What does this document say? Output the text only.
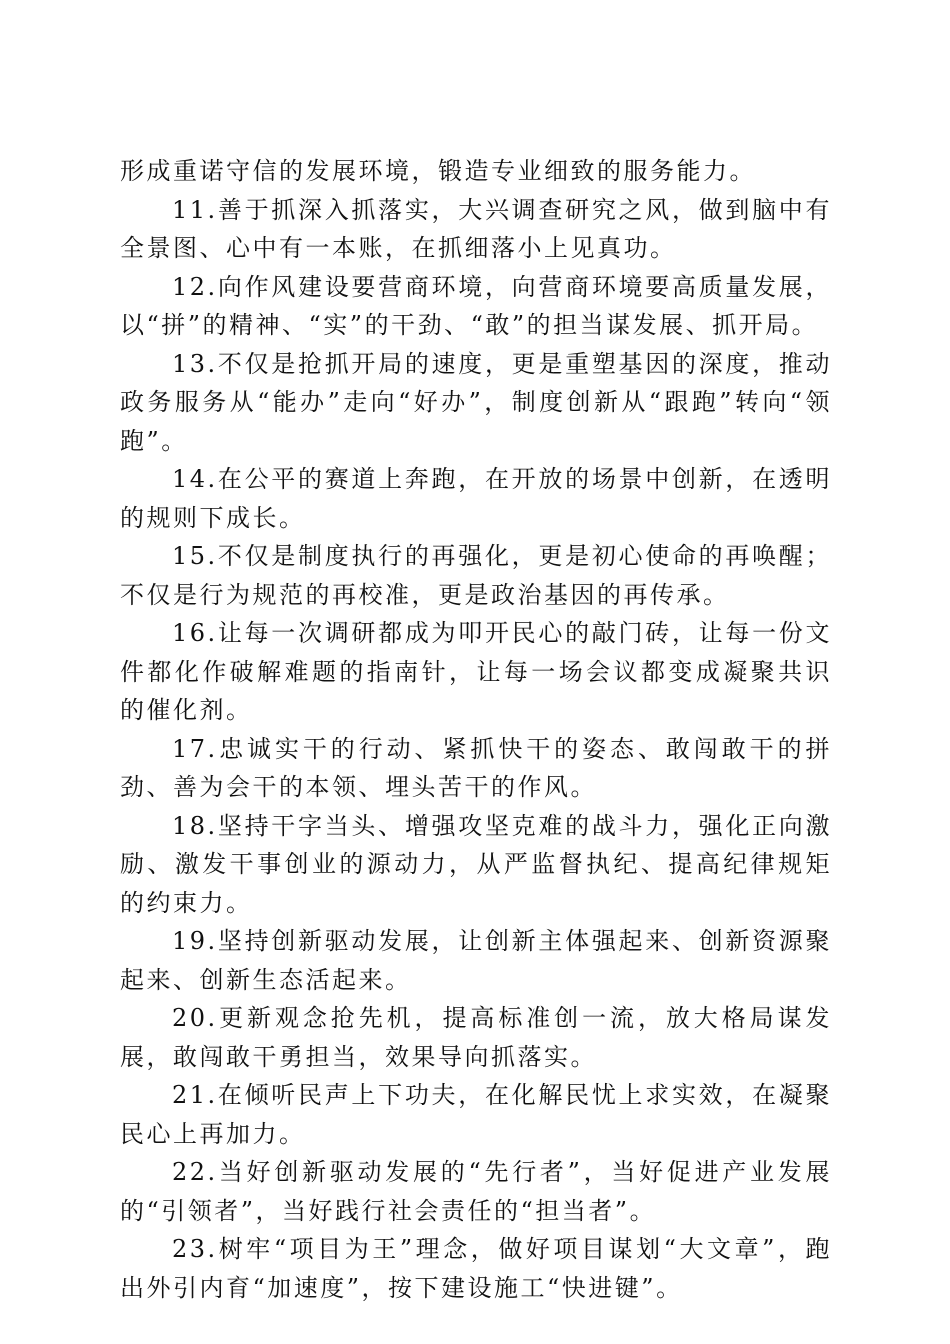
形成重诺守信的发展环境，锻造专业细致的服务能力。

11.善于抓深入抓落实，大兴调查研究之风，做到脑中有全景图、心中有一本账，在抓细落小上见真功。

12.向作风建设要营商环境，向营商环境要高质量发展，以“拼”的精神、“实”的干劲、“敢”的担当谋发展、抓开局。

13.不仅是抢抓开局的速度，更是重塑基因的深度，推动政务服务从“能办”走向“好办”，制度创新从“跟跑”转向“领跑”。

14.在公平的赛道上奔跑，在开放的场景中创新，在透明的规则下成长。

15.不仅是制度执行的再强化，更是初心使命的再唤醒；不仅是行为规范的再校准，更是政治基因的再传承。

16.让每一次调研都成为叩开民心的敲门砖，让每一份文件都化作破解难题的指南针，让每一场会议都变成凝聚共识的催化剂。

17.忠诚实干的行动、紧抓快干的姿态、敢闯敢干的拼劲、善为会干的本领、埋头苦干的作风。

18.坚持干字当头、增强攻坚克难的战斗力，强化正向激励、激发干事创业的源动力，从严监督执纪、提高纪律规矩的约束力。

19.坚持创新驱动发展，让创新主体强起来、创新资源聚起来、创新生态活起来。

20.更新观念抢先机，提高标准创一流，放大格局谋发展，敢闯敢干勇担当，效果导向抓落实。

21.在倾听民声上下功夫，在化解民忧上求实效，在凝聚民心上再加力。

22.当好创新驱动发展的“先行者”，当好促进产业发展的“引领者”，当好践行社会责任的“担当者”。

23.树牢“项目为王”理念，做好项目谋划“大文章”，跑出外引内育“加速度”，按下建设施工“快进键”。
